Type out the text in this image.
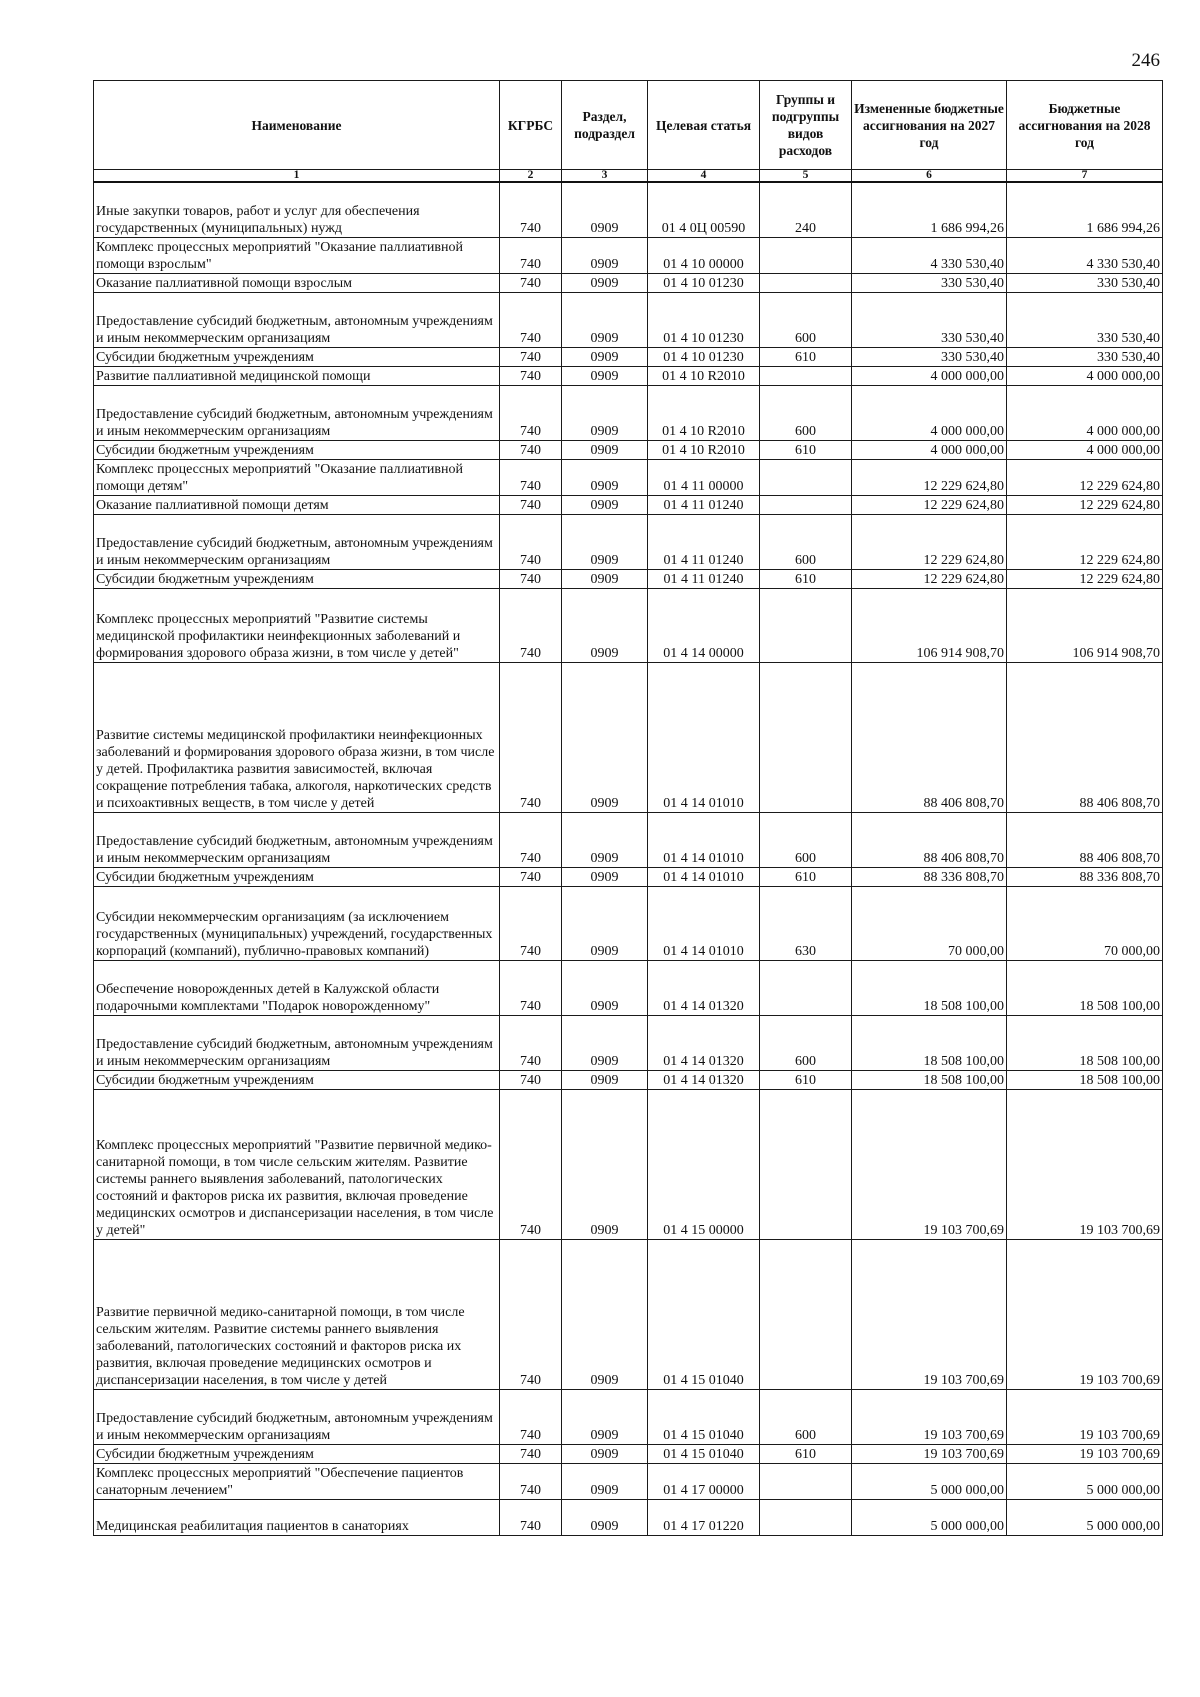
246
Наименование	КГРБС	Раздел, подраздел	Целевая статья	Группы и подгруппы видов расходов	Измененные бюджетные ассигнования на 2027 год	Бюджетные ассигнования на 2028 год
1	2	3	4	5	6	7
Иные закупки товаров, работ и услуг для обеспечения государственных (муниципальных) нужд	740	0909	01 4 0Ц 00590	240	1 686 994,26	1 686 994,26
Комплекс процессных мероприятий "Оказание паллиативной помощи взрослым"	740	0909	01 4 10 00000		4 330 530,40	4 330 530,40
Оказание паллиативной помощи взрослым	740	0909	01 4 10 01230		330 530,40	330 530,40
Предоставление субсидий бюджетным, автономным учреждениям и иным некоммерческим организациям	740	0909	01 4 10 01230	600	330 530,40	330 530,40
Субсидии бюджетным учреждениям	740	0909	01 4 10 01230	610	330 530,40	330 530,40
Развитие паллиативной медицинской помощи	740	0909	01 4 10 R2010		4 000 000,00	4 000 000,00
Предоставление субсидий бюджетным, автономным учреждениям и иным некоммерческим организациям	740	0909	01 4 10 R2010	600	4 000 000,00	4 000 000,00
Субсидии бюджетным учреждениям	740	0909	01 4 10 R2010	610	4 000 000,00	4 000 000,00
Комплекс процессных мероприятий "Оказание паллиативной помощи детям"	740	0909	01 4 11 00000		12 229 624,80	12 229 624,80
Оказание паллиативной помощи детям	740	0909	01 4 11 01240		12 229 624,80	12 229 624,80
Предоставление субсидий бюджетным, автономным учреждениям и иным некоммерческим организациям	740	0909	01 4 11 01240	600	12 229 624,80	12 229 624,80
Субсидии бюджетным учреждениям	740	0909	01 4 11 01240	610	12 229 624,80	12 229 624,80
Комплекс процессных мероприятий "Развитие системы медицинской профилактики неинфекционных заболеваний и формирования здорового образа жизни, в том числе у детей"	740	0909	01 4 14 00000		106 914 908,70	106 914 908,70
Развитие системы медицинской профилактики неинфекционных заболеваний и формирования здорового образа жизни, в том числе у детей. Профилактика развития зависимостей, включая сокращение потребления табака, алкоголя, наркотических средств и психоактивных веществ, в том числе у детей	740	0909	01 4 14 01010		88 406 808,70	88 406 808,70
Предоставление субсидий бюджетным, автономным учреждениям и иным некоммерческим организациям	740	0909	01 4 14 01010	600	88 406 808,70	88 406 808,70
Субсидии бюджетным учреждениям	740	0909	01 4 14 01010	610	88 336 808,70	88 336 808,70
Субсидии некоммерческим организациям (за исключением государственных (муниципальных) учреждений, государственных корпораций (компаний), публично-правовых компаний)	740	0909	01 4 14 01010	630	70 000,00	70 000,00
Обеспечение новорожденных детей в Калужской области подарочными комплектами "Подарок новорожденному"	740	0909	01 4 14 01320		18 508 100,00	18 508 100,00
Предоставление субсидий бюджетным, автономным учреждениям и иным некоммерческим организациям	740	0909	01 4 14 01320	600	18 508 100,00	18 508 100,00
Субсидии бюджетным учреждениям	740	0909	01 4 14 01320	610	18 508 100,00	18 508 100,00
Комплекс процессных мероприятий "Развитие первичной медико-санитарной помощи, в том числе сельским жителям. Развитие системы раннего выявления заболеваний, патологических состояний и факторов риска их развития, включая проведение медицинских осмотров и диспансеризации населения, в том числе у детей"	740	0909	01 4 15 00000		19 103 700,69	19 103 700,69
Развитие первичной медико-санитарной помощи, в том числе сельским жителям. Развитие системы раннего выявления заболеваний, патологических состояний и факторов риска их развития, включая проведение медицинских осмотров и диспансеризации населения, в том числе у детей	740	0909	01 4 15 01040		19 103 700,69	19 103 700,69
Предоставление субсидий бюджетным, автономным учреждениям и иным некоммерческим организациям	740	0909	01 4 15 01040	600	19 103 700,69	19 103 700,69
Субсидии бюджетным учреждениям	740	0909	01 4 15 01040	610	19 103 700,69	19 103 700,69
Комплекс процессных мероприятий "Обеспечение пациентов санаторным лечением"	740	0909	01 4 17 00000		5 000 000,00	5 000 000,00
Медицинская реабилитация пациентов в санаториях	740	0909	01 4 17 01220		5 000 000,00	5 000 000,00
